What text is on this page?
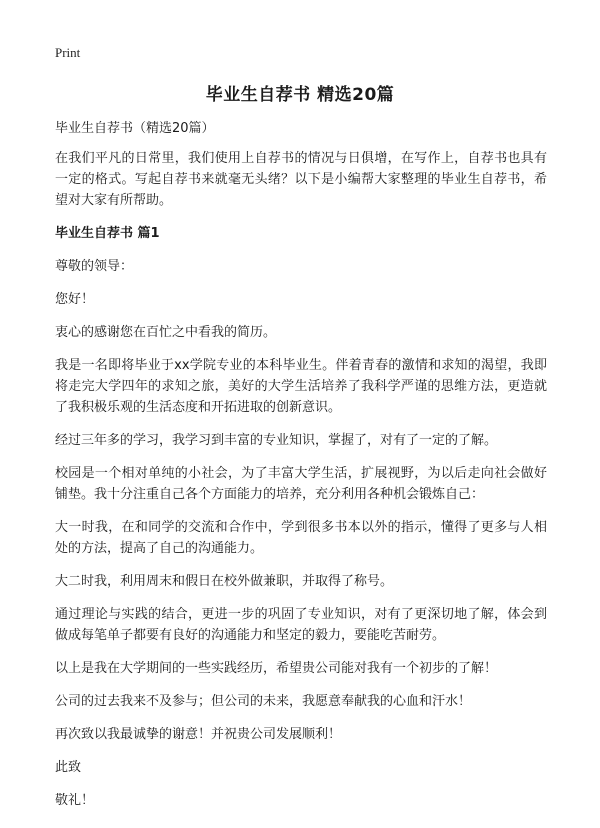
Print
毕业生自荐书 精选20篇

毕业生自荐书（精选20篇）

在我们平凡的日常里，我们使用上自荐书的情况与日俱增，在写作上，自荐书也具有一定的格式。写起自荐书来就毫无头绪？以下是小编帮大家整理的毕业生自荐书，希望对大家有所帮助。

毕业生自荐书 篇1

尊敬的领导：

您好！

衷心的感谢您在百忙之中看我的简历。

我是一名即将毕业于xx学院专业的本科毕业生。伴着青春的激情和求知的渴望，我即将走完大学四年的求知之旅，美好的大学生活培养了我科学严谨的思维方法，更造就了我积极乐观的生活态度和开拓进取的创新意识。

经过三年多的学习，我学习到丰富的专业知识，掌握了，对有了一定的了解。

校园是一个相对单纯的小社会，为了丰富大学生活，扩展视野，为以后走向社会做好铺垫。我十分注重自己各个方面能力的培养，充分利用各种机会锻炼自己：

大一时我，在和同学的交流和合作中，学到很多书本以外的指示，懂得了更多与人相处的方法，提高了自己的沟通能力。

大二时我，利用周末和假日在校外做兼职，并取得了称号。

通过理论与实践的结合，更进一步的巩固了专业知识，对有了更深切地了解，体会到做成每笔单子都要有良好的沟通能力和坚定的毅力，要能吃苦耐劳。

以上是我在大学期间的一些实践经历，希望贵公司能对我有一个初步的了解！

公司的过去我来不及参与；但公司的未来，我愿意奉献我的心血和汗水！

再次致以我最诚挚的谢意！并祝贵公司发展顺利！

此致

敬礼！
